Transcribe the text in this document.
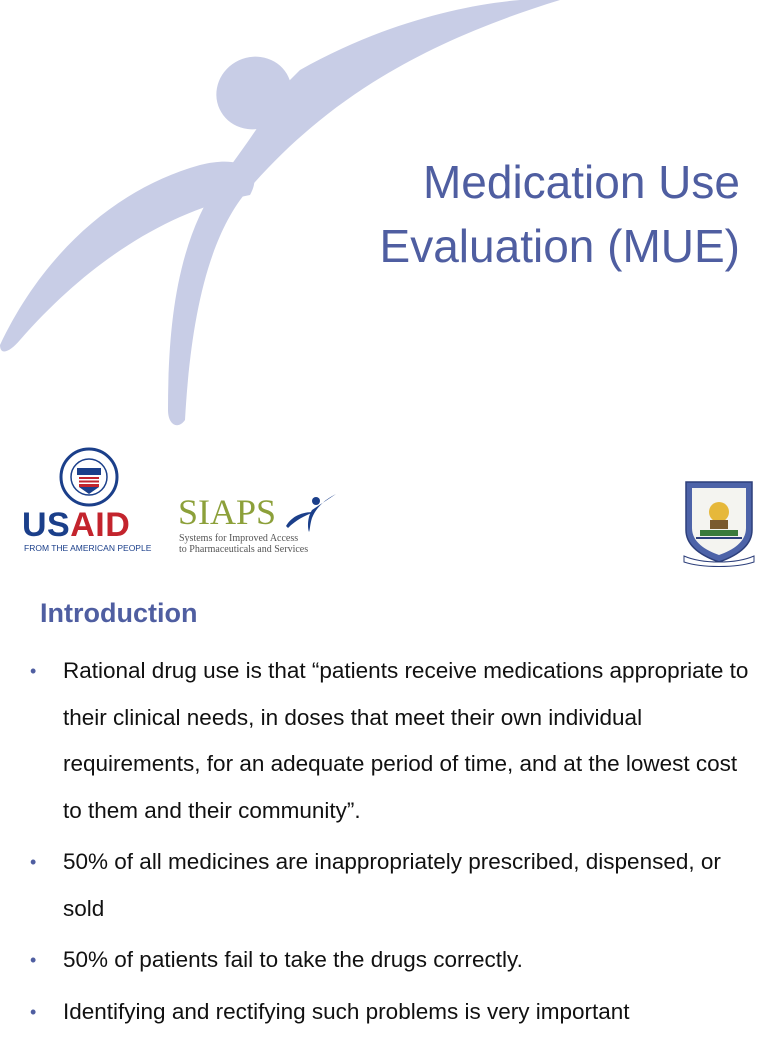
Medication Use
Evaluation (MUE)
USAID
FROM THE AMERICAN PEOPLE
SIAPS
Systems for Improved Access
to Pharmaceuticals and Services
Introduction
• Rational drug use is that “patients receive medications appropriate to their clinical needs, in doses that meet their own individual requirements, for an adequate period of time, and at the lowest cost to them and their community”.
• 50% of all medicines are inappropriately prescribed, dispensed, or sold
• 50% of patients fail to take the drugs correctly.
• Identifying and rectifying such problems is very important
